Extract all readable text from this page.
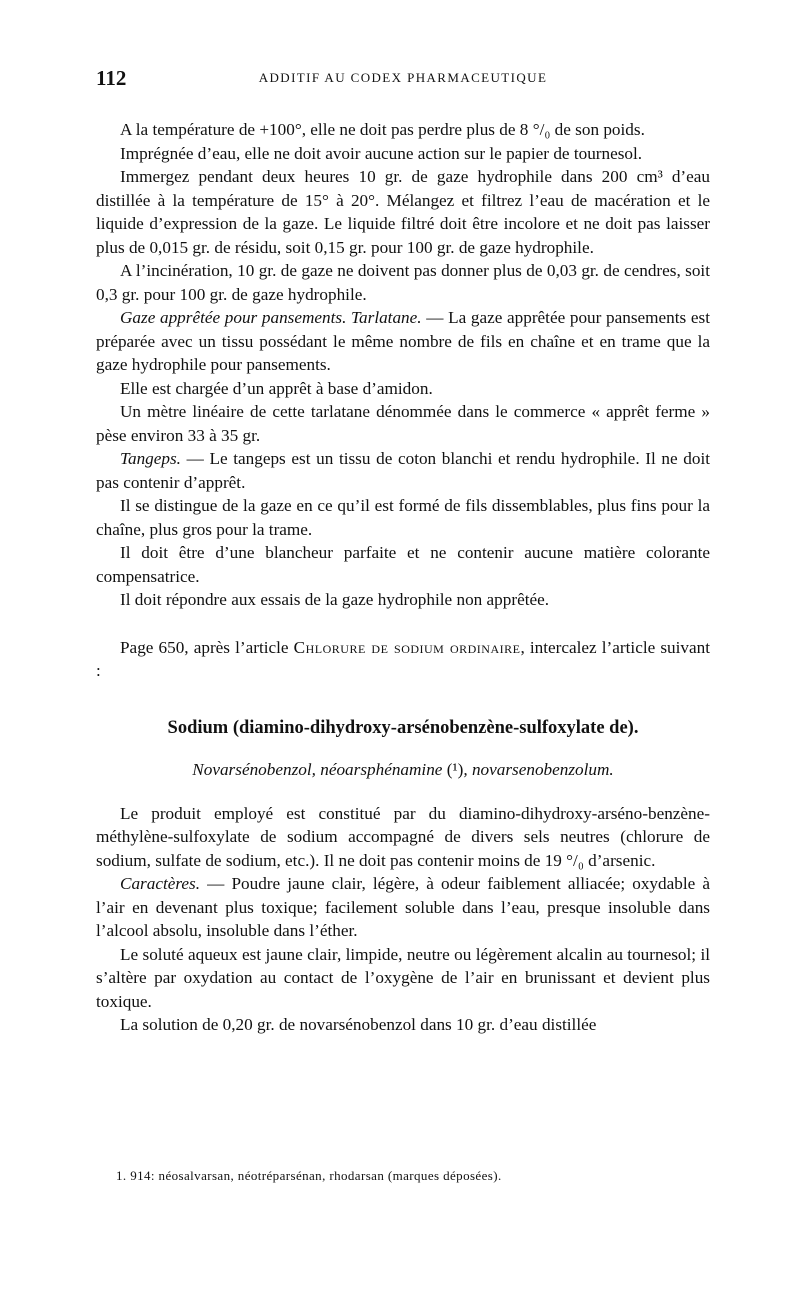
112	ADDITIF AU CODEX PHARMACEUTIQUE

A la température de +100°, elle ne doit pas perdre plus de 8 °/₀ de son poids.

Imprégnée d’eau, elle ne doit avoir aucune action sur le papier de tournesol.

Immergez pendant deux heures 10 gr. de gaze hydrophile dans 200 cm³ d’eau distillée à la température de 15° à 20°. Mélangez et filtrez l’eau de macération et le liquide d’expression de la gaze. Le liquide filtré doit être incolore et ne doit pas laisser plus de 0,015 gr. de résidu, soit 0,15 gr. pour 100 gr. de gaze hydrophile.

A l’incinération, 10 gr. de gaze ne doivent pas donner plus de 0,03 gr. de cendres, soit 0,3 gr. pour 100 gr. de gaze hydrophile.

Gaze apprêtée pour pansements. Tarlatane. — La gaze apprêtée pour pansements est préparée avec un tissu possédant le même nombre de fils en chaîne et en trame que la gaze hydrophile pour pansements.

Elle est chargée d’un apprêt à base d’amidon.

Un mètre linéaire de cette tarlatane dénommée dans le commerce « apprêt ferme » pèse environ 33 à 35 gr.

Tangeps. — Le tangeps est un tissu de coton blanchi et rendu hydrophile. Il ne doit pas contenir d’apprêt.

Il se distingue de la gaze en ce qu’il est formé de fils dissemblables, plus fins pour la chaîne, plus gros pour la trame.

Il doit être d’une blancheur parfaite et ne contenir aucune matière colorante compensatrice.

Il doit répondre aux essais de la gaze hydrophile non apprêtée.

Page 650, après l’article Chlorure de sodium ordinaire, intercalez l’article suivant :

Sodium (diamino-dihydroxy-arsénobenzène-sulfoxylate de).

Novarsénobenzol, néoarsphénamine (¹), novarsenobenzolum.

Le produit employé est constitué par du diamino-dihydroxy-arséno-benzène-méthylène-sulfoxylate de sodium accompagné de divers sels neutres (chlorure de sodium, sulfate de sodium, etc.). Il ne doit pas contenir moins de 19 °/₀ d’arsenic.

Caractères. — Poudre jaune clair, légère, à odeur faiblement alliacée; oxydable à l’air en devenant plus toxique; facilement soluble dans l’eau, presque insoluble dans l’alcool absolu, insoluble dans l’éther.

Le soluté aqueux est jaune clair, limpide, neutre ou légèrement alcalin au tournesol; il s’altère par oxydation au contact de l’oxygène de l’air en brunissant et devient plus toxique.

La solution de 0,20 gr. de novarsénobenzol dans 10 gr. d’eau distillée

1. 914: néosalvarsan, néotréparsénan, rhodarsan (marques déposées).
